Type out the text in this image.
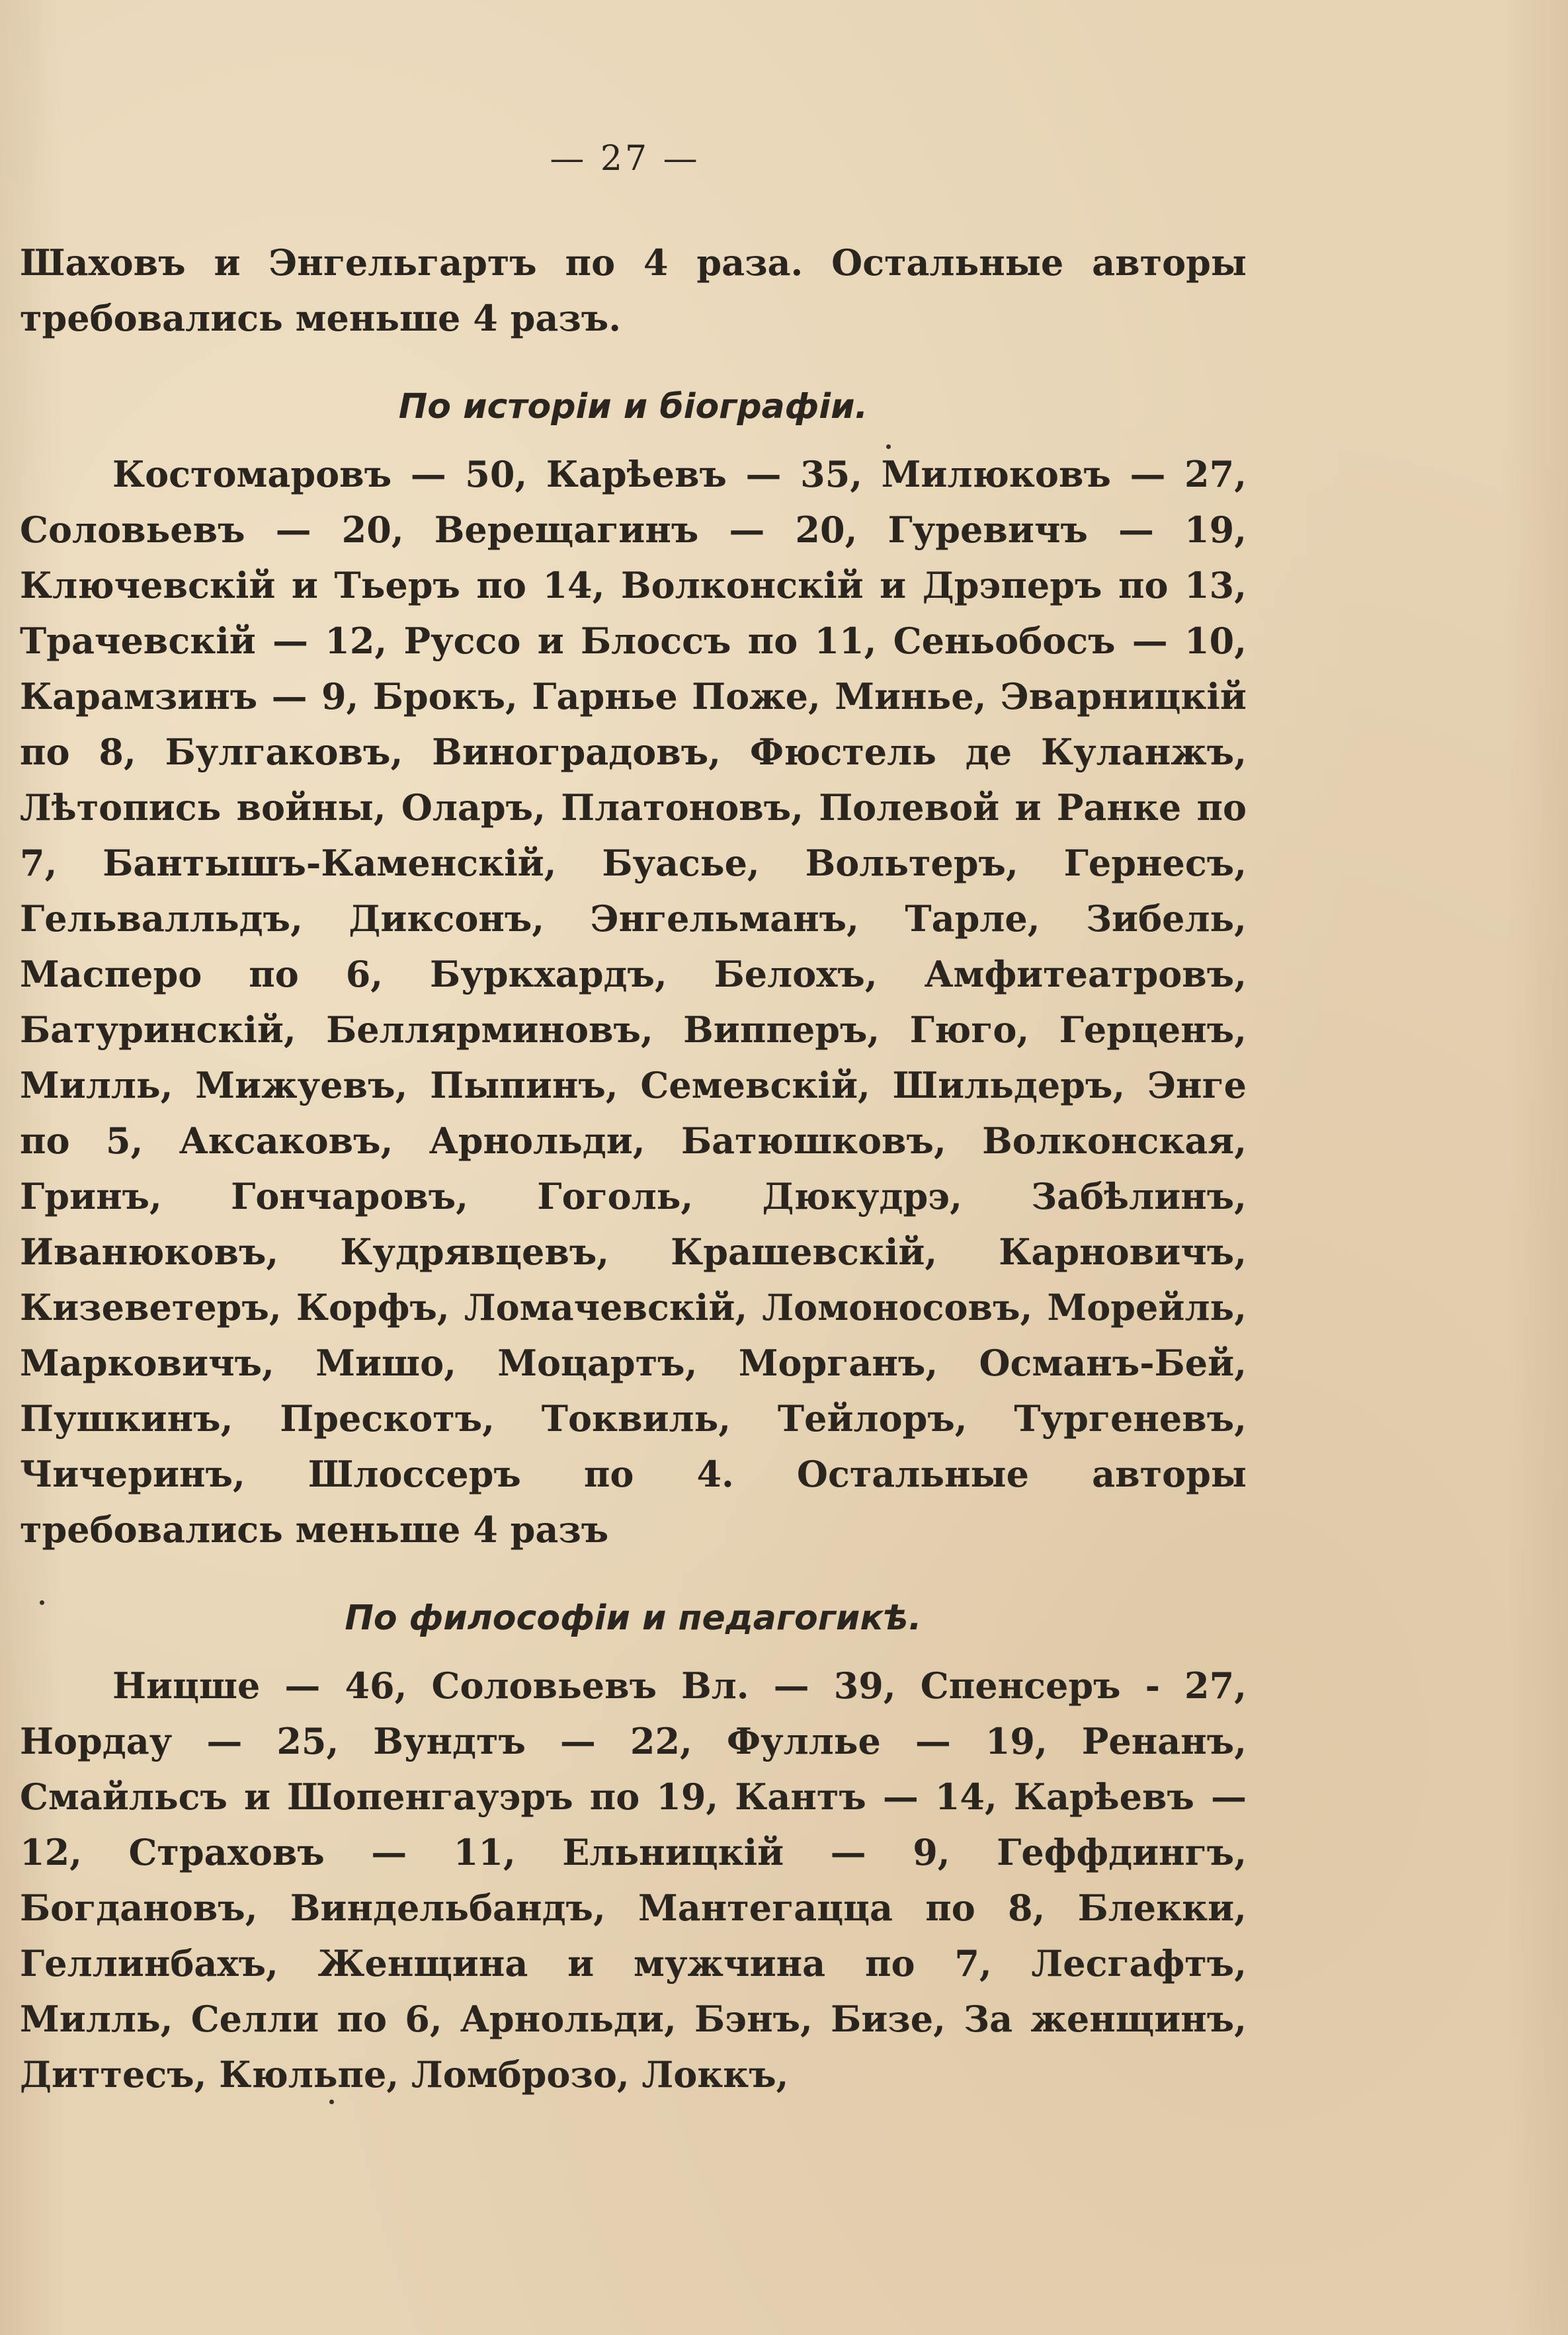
— 27 —

Шаховъ и Энгельгартъ по 4 раза. Остальные авторы требовались меньше 4 разъ.

По исторіи и біографіи.

Костомаровъ — 50, Карѣевъ — 35, Милюковъ — 27, Соловьевъ — 20, Верещагинъ — 20, Гуревичъ — 19, Ключевскій и Тьеръ по 14, Волконскій и Дрэперъ по 13, Трачевскій — 12, Руссо и Блоссъ по 11, Сеньобосъ — 10, Карамзинъ — 9, Брокъ, Гарнье Поже, Минье, Эварницкій по 8, Булгаковъ, Виноградовъ, Фюстель де Куланжъ, Лѣтопись войны, Оларъ, Платоновъ, Полевой и Ранке по 7, Бантышъ-Каменскій, Буасье, Вольтеръ, Гернесъ, Гельвалльдъ, Диксонъ, Энгельманъ, Тарле, Зибель, Масперо по 6, Буркхардъ, Белохъ, Амфитеатровъ, Батуринскій, Беллярминовъ, Випперъ, Гюго, Герценъ, Милль, Мижуевъ, Пыпинъ, Семевскій, Шильдеръ, Энге по 5, Аксаковъ, Арнольди, Батюшковъ, Волконская, Гринъ, Гончаровъ, Гоголь, Дюкудрэ, Забѣлинъ, Иванюковъ, Кудрявцевъ, Крашевскій, Карновичъ, Кизеветеръ, Корфъ, Ломачевскій, Ломоносовъ, Морейль, Марковичъ, Мишо, Моцартъ, Морганъ, Османъ-Бей, Пушкинъ, Прескотъ, Токвиль, Тейлоръ, Тургеневъ, Чичеринъ, Шлоссеръ по 4. Остальные авторы требовались меньше 4 разъ

По философіи и педагогикѣ.

Ницше — 46, Соловьевъ Вл. — 39, Спенсеръ - 27, Нордау — 25, Вундтъ — 22, Фуллье — 19, Ренанъ, Смайльсъ и Шопенгауэръ по 19, Кантъ — 14, Карѣевъ — 12, Страховъ — 11, Ельницкій — 9, Геффдингъ, Богдановъ, Виндельбандъ, Мантегацца по 8, Блекки, Геллинбахъ, Женщина и мужчина по 7, Лесгафтъ, Милль, Селли по 6, Арнольди, Бэнъ, Бизе, За женщинъ, Диттесъ, Кюльпе, Ломброзо, Локкъ,
